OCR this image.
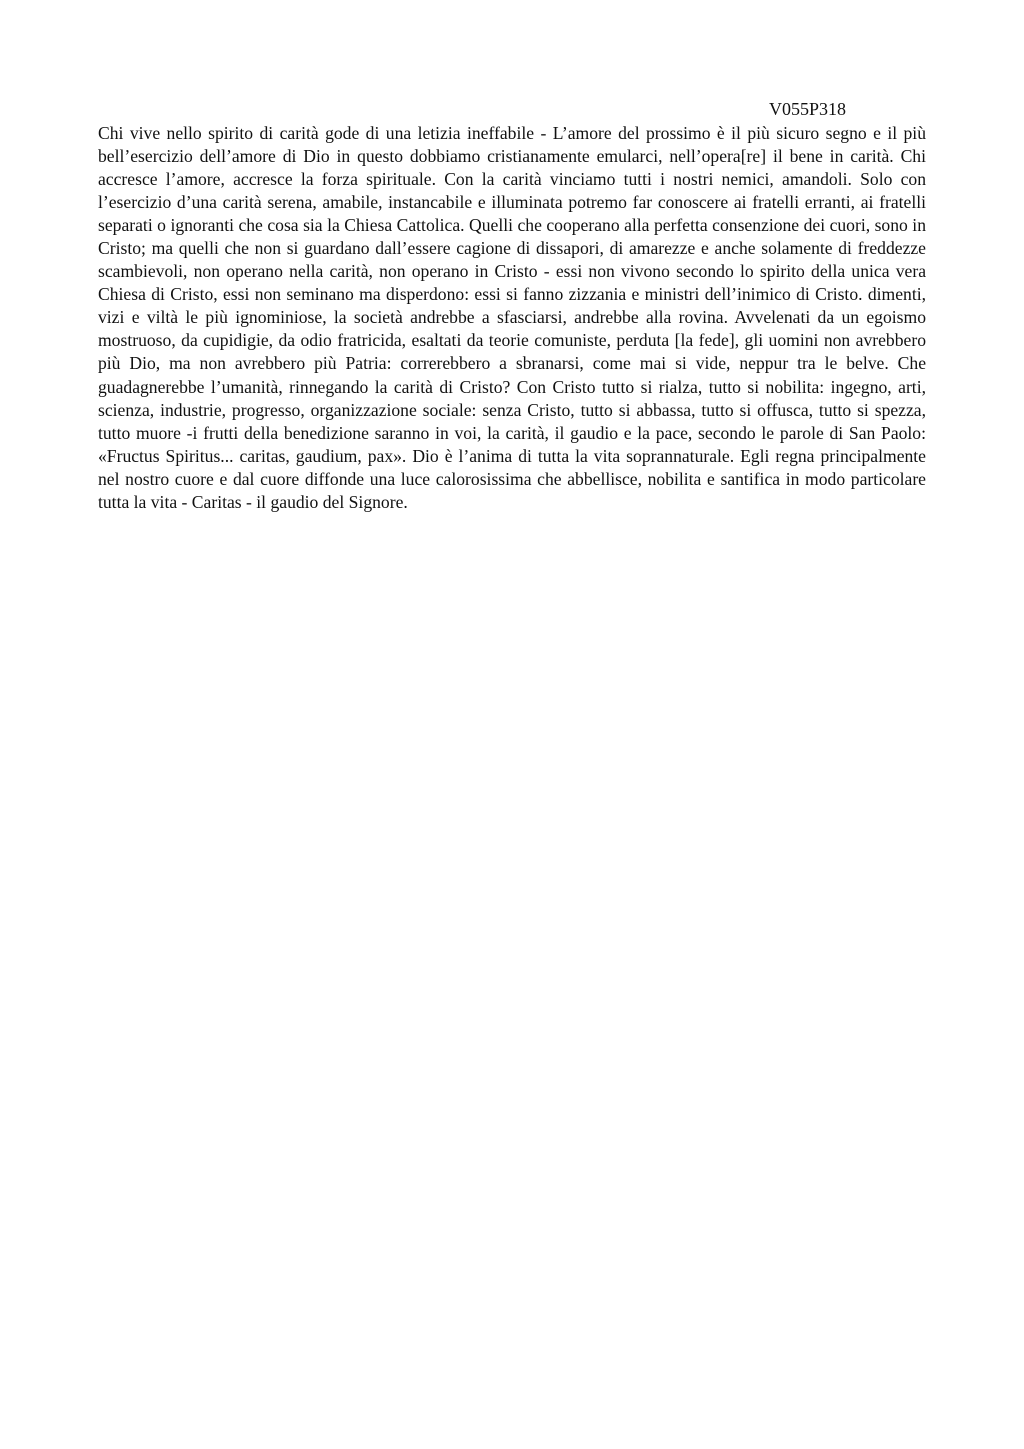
V055P318

Chi vive nello spirito di carità gode di una letizia ineffabile - L’amore del prossimo è il più sicuro segno e il più bell’esercizio dell’amore di Dio in questo dobbiamo cristianamente emularci, nell’opera[re] il bene in carità. Chi accresce l’amore, accresce la forza spirituale. Con la carità vinciamo tutti i nostri nemici, amandoli. Solo con l’esercizio d’una carità serena, amabile, instancabile e illuminata potremo far conoscere ai fratelli erranti, ai fratelli separati o ignoranti che cosa sia la Chiesa Cattolica. Quelli che cooperano alla perfetta consenzione dei cuori, sono in Cristo; ma quelli che non si guardano dall’essere cagione di dissapori, di amarezze e anche solamente di freddezze scambievoli, non operano nella carità, non operano in Cristo - essi non vivono secondo lo spirito della unica vera Chiesa di Cristo, essi non seminano ma disperdono: essi si fanno zizzania e ministri dell’inimico di Cristo. dimenti, vizi e viltà le più ignominiose, la società andrebbe a sfasciarsi, andrebbe alla rovina. Avvelenati da un egoismo mostruoso, da cupidigie, da odio fratricida, esaltati da teorie comuniste, perduta [la fede], gli uomini non avrebbero più Dio, ma non avrebbero più Patria: correrebbero a sbranarsi, come mai si vide, neppur tra le belve. Che guadagnerebbe l’umanità, rinnegando la carità di Cristo? Con Cristo tutto si rialza, tutto si nobilita: ingegno, arti, scienza, industrie, progresso, organizzazione sociale: senza Cristo, tutto si abbassa, tutto si offusca, tutto si spezza, tutto muore -i frutti della benedizione saranno in voi, la carità, il gaudio e la pace, secondo le parole di San Paolo: «Fructus Spiritus... caritas, gaudium, pax». Dio è l’anima di tutta la vita soprannaturale. Egli regna principalmente nel nostro cuore e dal cuore diffonde una luce calorosissima che abbellisce, nobilita e santifica in modo particolare tutta la vita - Caritas - il gaudio del Signore.
